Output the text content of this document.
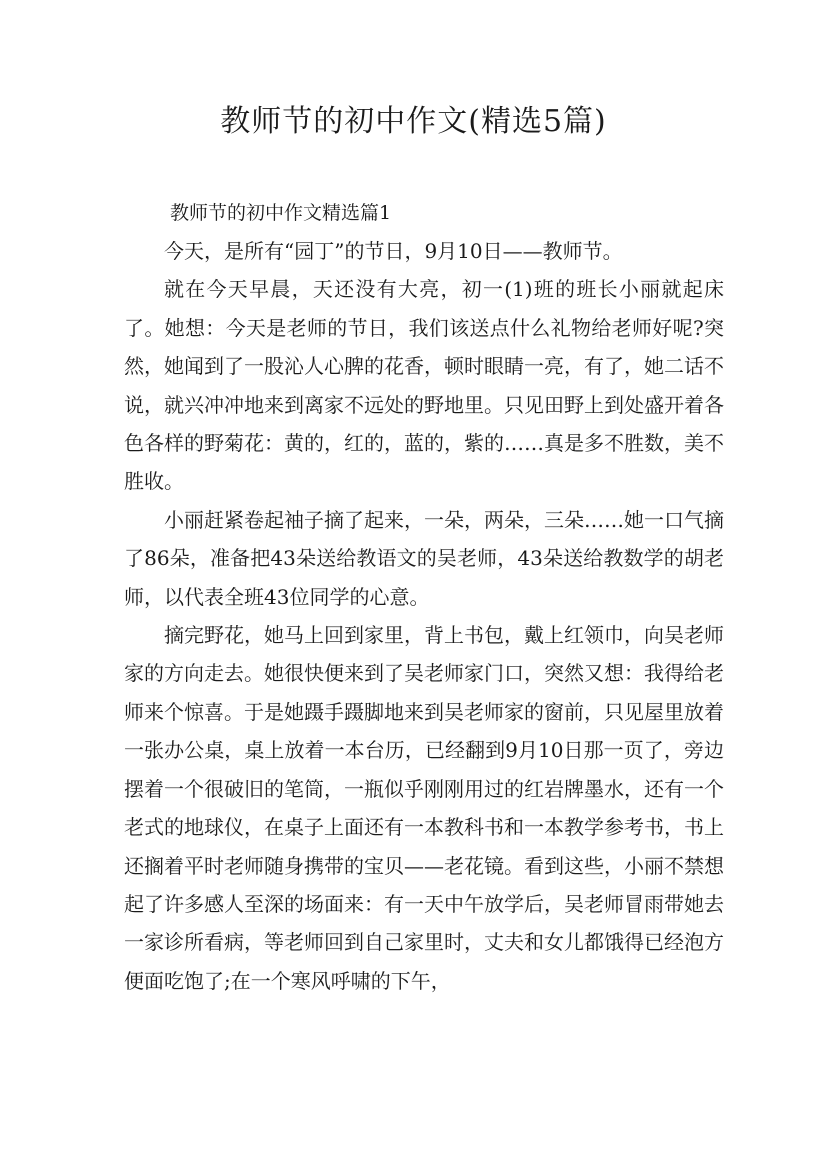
教师节的初中作文(精选5篇)

教师节的初中作文精选篇1

今天，是所有“园丁”的节日，9月10日——教师节。

就在今天早晨，天还没有大亮，初一(1)班的班长小丽就起床了。她想：今天是老师的节日，我们该送点什么礼物给老师好呢?突然，她闻到了一股沁人心脾的花香，顿时眼睛一亮，有了，她二话不说，就兴冲冲地来到离家不远处的野地里。只见田野上到处盛开着各色各样的野菊花：黄的，红的，蓝的，紫的……真是多不胜数，美不胜收。

小丽赶紧卷起袖子摘了起来，一朵，两朵，三朵……她一口气摘了86朵，准备把43朵送给教语文的吴老师，43朵送给教数学的胡老师，以代表全班43位同学的心意。

摘完野花，她马上回到家里，背上书包，戴上红领巾，向吴老师家的方向走去。她很快便来到了吴老师家门口，突然又想：我得给老师来个惊喜。于是她蹑手蹑脚地来到吴老师家的窗前，只见屋里放着一张办公桌，桌上放着一本台历，已经翻到9月10日那一页了，旁边摆着一个很破旧的笔筒，一瓶似乎刚刚用过的红岩牌墨水，还有一个老式的地球仪，在桌子上面还有一本教科书和一本教学参考书，书上还搁着平时老师随身携带的宝贝——老花镜。看到这些，小丽不禁想起了许多感人至深的场面来：有一天中午放学后，吴老师冒雨带她去一家诊所看病，等老师回到自己家里时，丈夫和女儿都饿得已经泡方便面吃饱了;在一个寒风呼啸的下午，
